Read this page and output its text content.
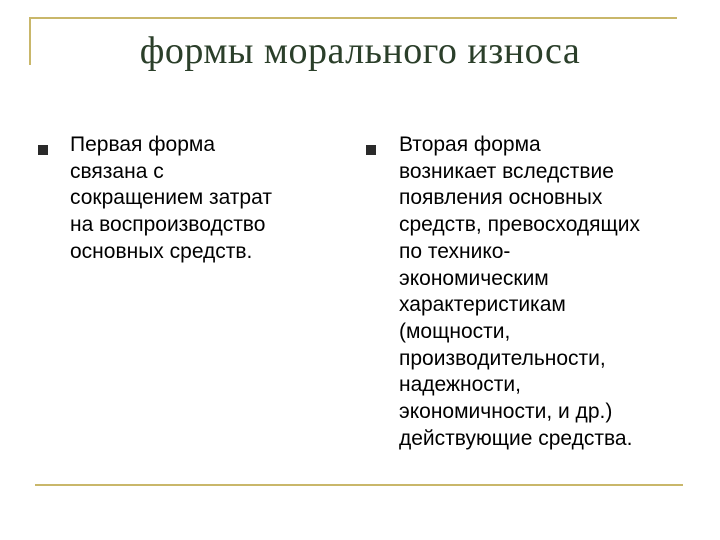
формы морального износа
Первая форма
связана с
сокращением затрат
на воспроизводство
основных средств.
Вторая форма
возникает вследствие
появления основных
средств, превосходящих
по технико-
экономическим
характеристикам
(мощности,
производительности,
надежности,
экономичности, и др.)
действующие средства.
